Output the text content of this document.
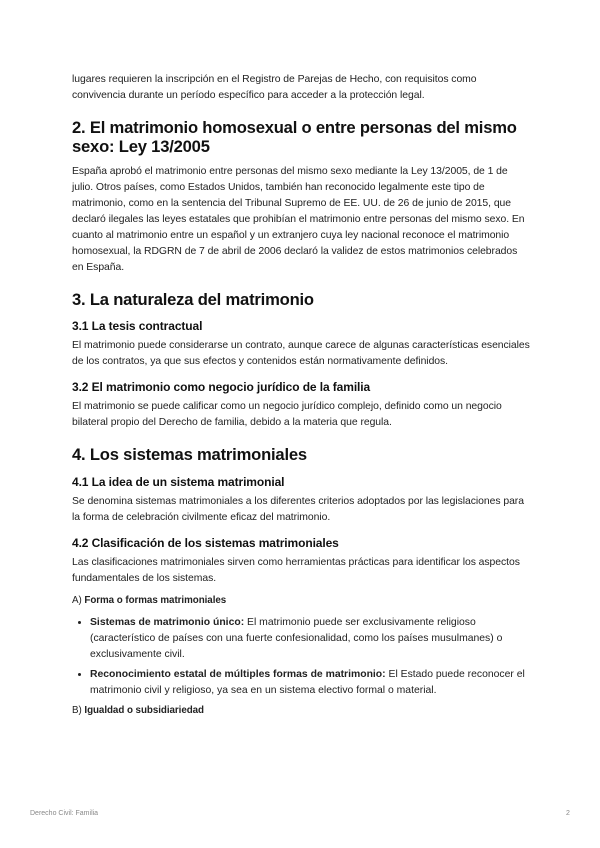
lugares requieren la inscripción en el Registro de Parejas de Hecho, con requisitos como convivencia durante un período específico para acceder a la protección legal.

2. El matrimonio homosexual o entre personas del mismo sexo: Ley 13/2005

España aprobó el matrimonio entre personas del mismo sexo mediante la Ley 13/2005, de 1 de julio. Otros países, como Estados Unidos, también han reconocido legalmente este tipo de matrimonio, como en la sentencia del Tribunal Supremo de EE. UU. de 26 de junio de 2015, que declaró ilegales las leyes estatales que prohibían el matrimonio entre personas del mismo sexo. En cuanto al matrimonio entre un español y un extranjero cuya ley nacional reconoce el matrimonio homosexual, la RDGRN de 7 de abril de 2006 declaró la validez de estos matrimonios celebrados en España.

3. La naturaleza del matrimonio
3.1 La tesis contractual

El matrimonio puede considerarse un contrato, aunque carece de algunas características esenciales de los contratos, ya que sus efectos y contenidos están normativamente definidos.

3.2 El matrimonio como negocio jurídico de la familia

El matrimonio se puede calificar como un negocio jurídico complejo, definido como un negocio bilateral propio del Derecho de familia, debido a la materia que regula.

4. Los sistemas matrimoniales
4.1 La idea de un sistema matrimonial

Se denomina sistemas matrimoniales a los diferentes criterios adoptados por las legislaciones para la forma de celebración civilmente eficaz del matrimonio.

4.2 Clasificación de los sistemas matrimoniales

Las clasificaciones matrimoniales sirven como herramientas prácticas para identificar los aspectos fundamentales de los sistemas.

A) Forma o formas matrimoniales

• Sistemas de matrimonio único: El matrimonio puede ser exclusivamente religioso (característico de países con una fuerte confesionalidad, como los países musulmanes) o exclusivamente civil.
• Reconocimiento estatal de múltiples formas de matrimonio: El Estado puede reconocer el matrimonio civil y religioso, ya sea en un sistema electivo formal o material.

B) Igualdad o subsidiariedad

Derecho Civil: Familia	2
